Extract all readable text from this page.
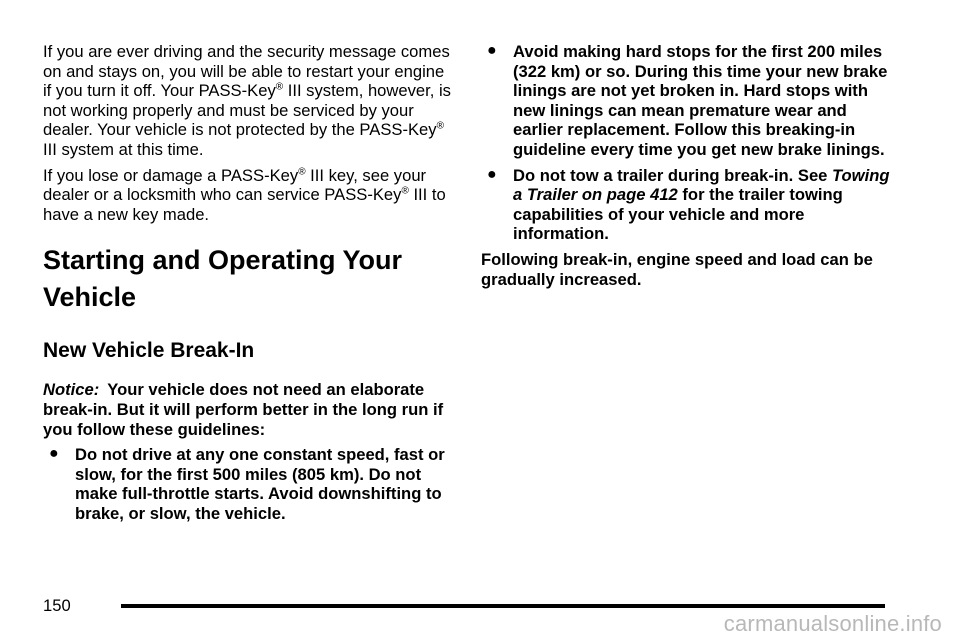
If you are ever driving and the security message comes on and stays on, you will be able to restart your engine if you turn it off. Your PASS-Key® III system, however, is not working properly and must be serviced by your dealer. Your vehicle is not protected by the PASS-Key® III system at this time.

If you lose or damage a PASS-Key® III key, see your dealer or a locksmith who can service PASS-Key® III to have a new key made.

Starting and Operating Your Vehicle
New Vehicle Break-In

Notice: Your vehicle does not need an elaborate break-in. But it will perform better in the long run if you follow these guidelines:

● Do not drive at any one constant speed, fast or slow, for the first 500 miles (805 km). Do not make full-throttle starts. Avoid downshifting to brake, or slow, the vehicle.

● Avoid making hard stops for the first 200 miles (322 km) or so. During this time your new brake linings are not yet broken in. Hard stops with new linings can mean premature wear and earlier replacement. Follow this breaking-in guideline every time you get new brake linings.

● Do not tow a trailer during break-in. See Towing a Trailer on page 412 for the trailer towing capabilities of your vehicle and more information.

Following break-in, engine speed and load can be gradually increased.

150
carmanualsonline.info
